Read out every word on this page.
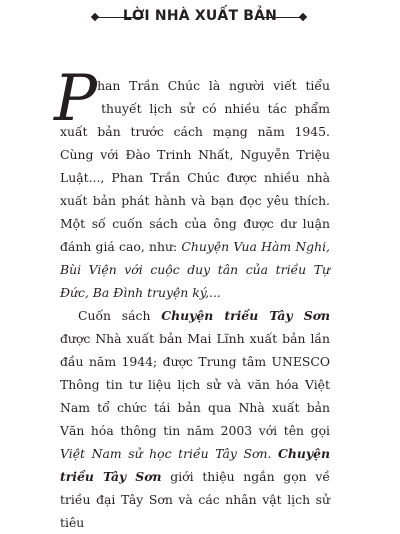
LỜI NHÀ XUẤT BẢN

Phan Trần Chúc là người viết tiểu thuyết lịch sử có nhiều tác phẩm xuất bản trước cách mạng năm 1945. Cùng với Đào Trinh Nhất, Nguyễn Triệu Luật..., Phan Trần Chúc được nhiều nhà xuất bản phát hành và bạn đọc yêu thích. Một số cuốn sách của ông được dư luận đánh giá cao, như: Chuyện Vua Hàm Nghi, Bùi Viện với cuộc duy tân của triều Tự Đức, Ba Đình truyện ký,...

Cuốn sách Chuyện triều Tây Sơn được Nhà xuất bản Mai Lĩnh xuất bản lần đầu năm 1944; được Trung tâm UNESCO Thông tin tư liệu lịch sử và văn hóa Việt Nam tổ chức tái bản qua Nhà xuất bản Văn hóa thông tin năm 2003 với tên gọi Việt Nam sử học triều Tây Sơn. Chuyện triều Tây Sơn giới thiệu ngắn gọn về triều đại Tây Sơn và các nhân vật lịch sử tiêu
